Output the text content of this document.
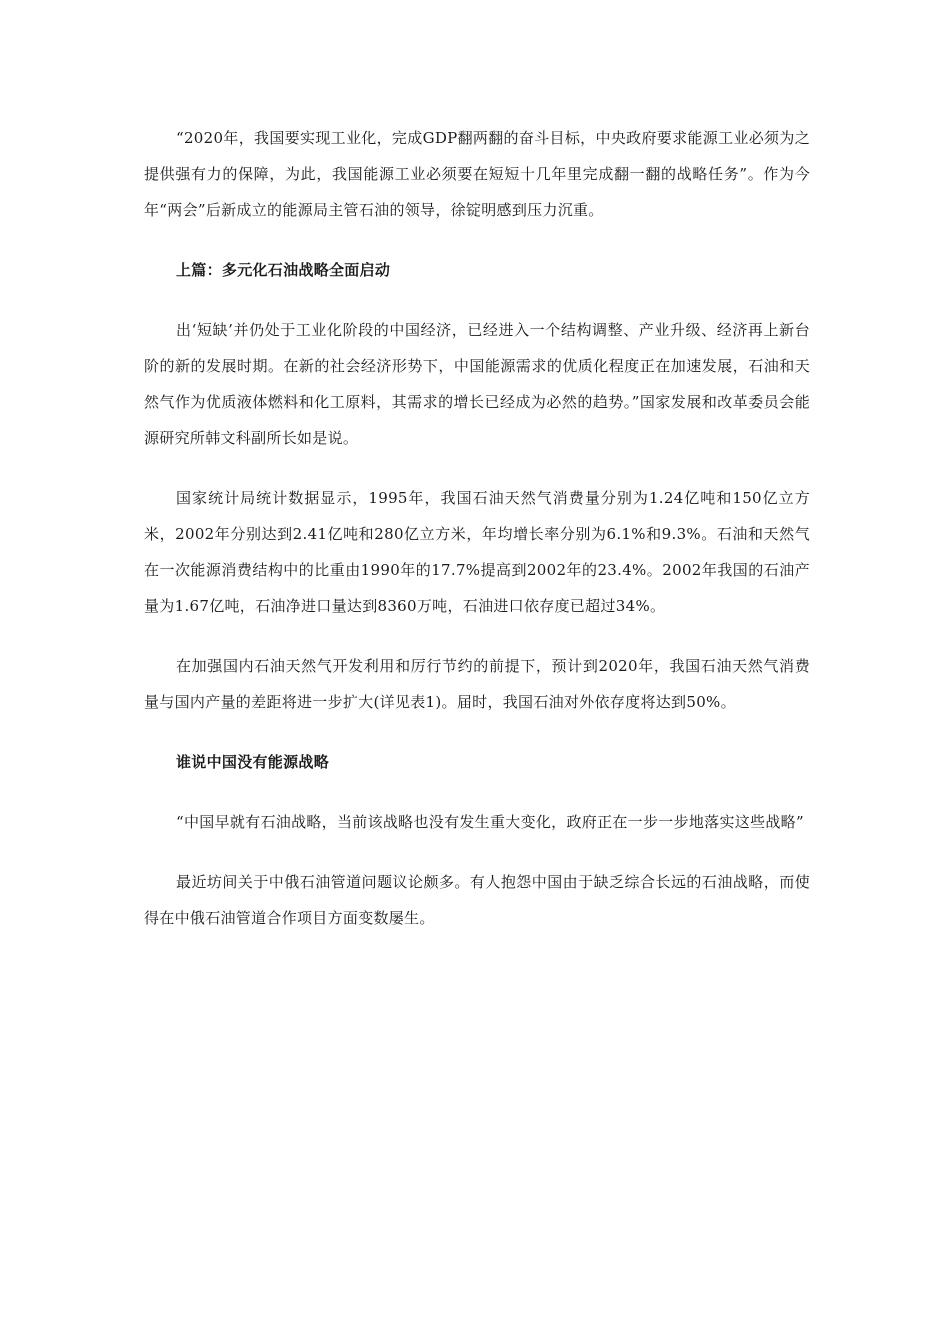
“2020年，我国要实现工业化，完成GDP翻两翻的奋斗目标，中央政府要求能源工业必须为之提供强有力的保障，为此，我国能源工业必须要在短短十几年里完成翻一翻的战略任务”。作为今年“两会”后新成立的能源局主管石油的领导，徐锭明感到压力沉重。

上篇：多元化石油战略全面启动

出‘短缺’并仍处于工业化阶段的中国经济，已经进入一个结构调整、产业升级、经济再上新台阶的新的发展时期。在新的社会经济形势下，中国能源需求的优质化程度正在加速发展，石油和天然气作为优质液体燃料和化工原料，其需求的增长已经成为必然的趋势。”国家发展和改革委员会能源研究所韩文科副所长如是说。

国家统计局统计数据显示，1995年，我国石油天然气消费量分别为1.24亿吨和150亿立方米，2002年分别达到2.41亿吨和280亿立方米，年均增长率分别为6.1%和9.3%。石油和天然气在一次能源消费结构中的比重由1990年的17.7%提高到2002年的23.4%。2002年我国的石油产量为1.67亿吨，石油净进口量达到8360万吨，石油进口依存度已超过34%。

在加强国内石油天然气开发利用和厉行节约的前提下，预计到2020年，我国石油天然气消费量与国内产量的差距将进一步扩大(详见表1)。届时，我国石油对外依存度将达到50%。

谁说中国没有能源战略

“中国早就有石油战略，当前该战略也没有发生重大变化，政府正在一步一步地落实这些战略”

最近坊间关于中俄石油管道问题议论颇多。有人抱怨中国由于缺乏综合长远的石油战略，而使得在中俄石油管道合作项目方面变数屡生。
